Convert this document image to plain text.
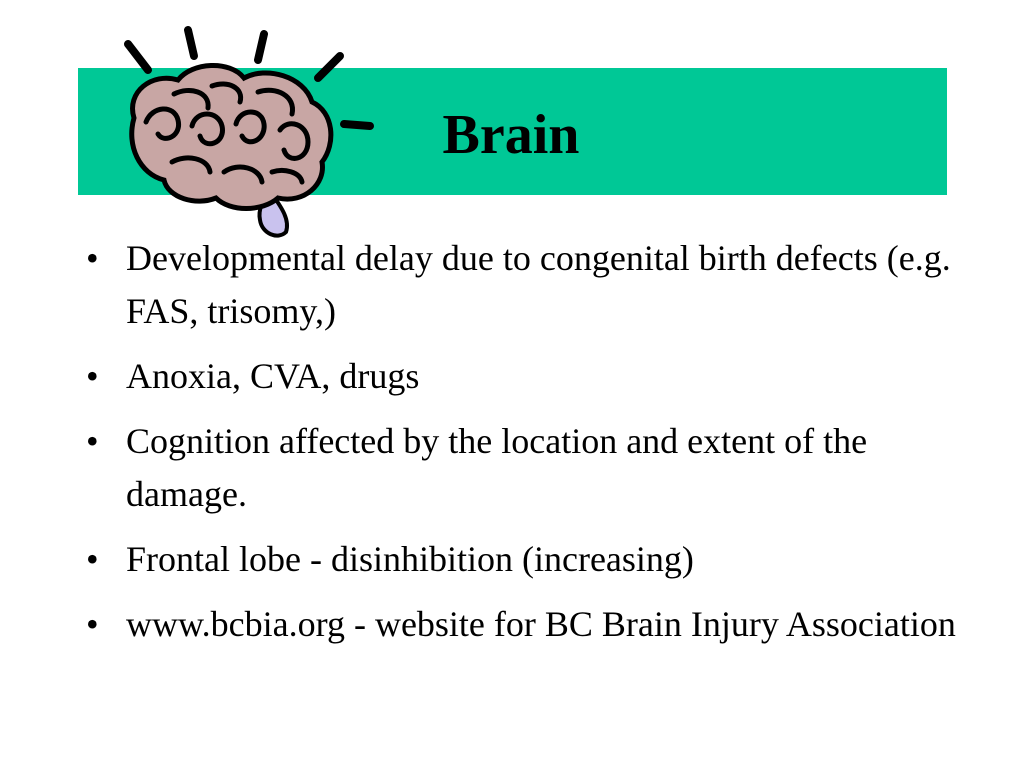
Brain
• Developmental delay due to congenital birth defects (e.g. FAS, trisomy,)
• Anoxia, CVA, drugs
• Cognition affected by the location and extent of the damage.
• Frontal lobe - disinhibition (increasing)
• www.bcbia.org - website for BC Brain Injury Association
